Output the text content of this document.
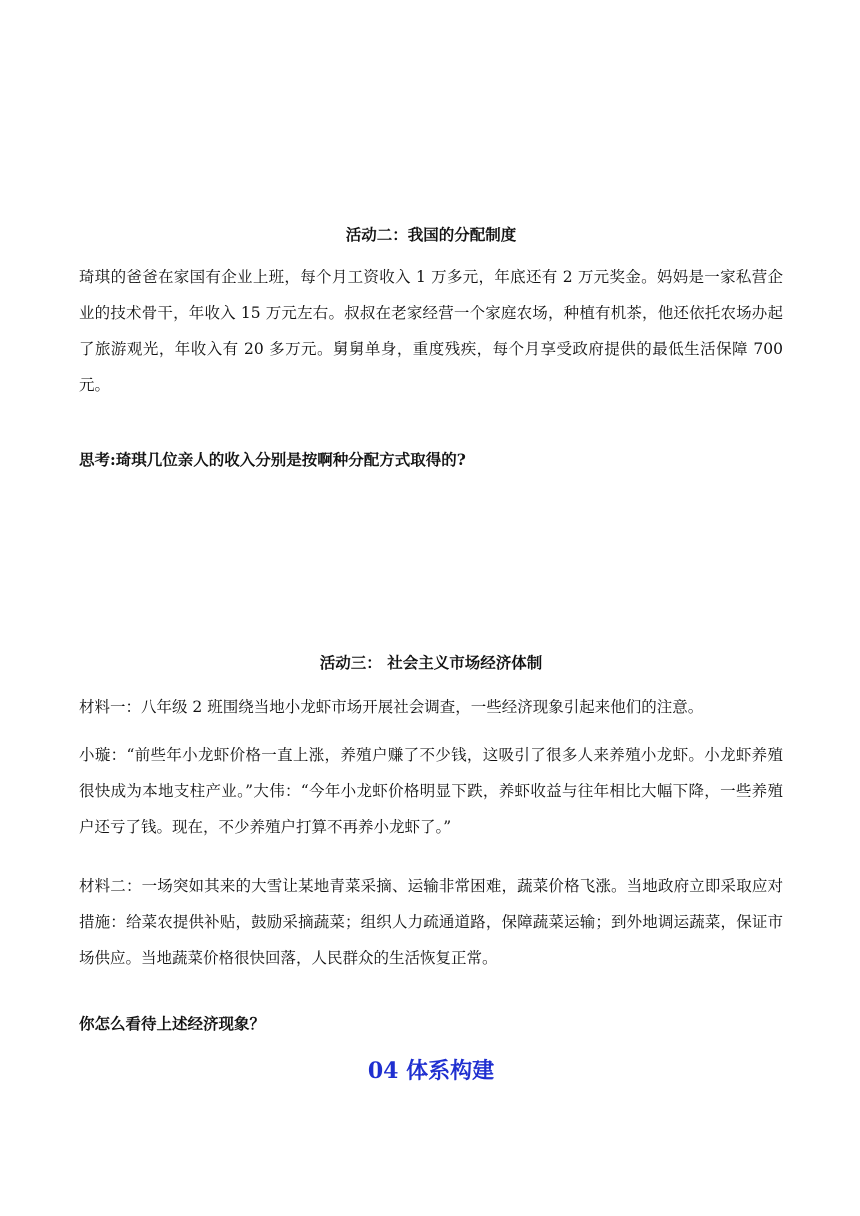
活动二：我国的分配制度
琦琪的爸爸在家国有企业上班，每个月工资收入 1 万多元，年底还有 2 万元奖金。妈妈是一家私营企业的技术骨干，年收入 15 万元左右。叔叔在老家经营一个家庭农场，种植有机茶，他还依托农场办起了旅游观光，年收入有 20 多万元。舅舅单身，重度残疾，每个月享受政府提供的最低生活保障 700 元。
思考:琦琪几位亲人的收入分别是按啊种分配方式取得的?
活动三： 社会主义市场经济体制
材料一：八年级 2 班围绕当地小龙虾市场开展社会调查，一些经济现象引起来他们的注意。
小璇：“前些年小龙虾价格一直上涨，养殖户赚了不少钱，这吸引了很多人来养殖小龙虾。小龙虾养殖很快成为本地支柱产业。”大伟：“今年小龙虾价格明显下跌，养虾收益与往年相比大幅下降，一些养殖户还亏了钱。现在，不少养殖户打算不再养小龙虾了。”
材料二：一场突如其来的大雪让某地青菜采摘、运输非常困难，蔬菜价格飞涨。当地政府立即采取应对措施：给菜农提供补贴，鼓励采摘蔬菜；组织人力疏通道路，保障蔬菜运输；到外地调运蔬菜，保证市场供应。当地蔬菜价格很快回落，人民群众的生活恢复正常。
你怎么看待上述经济现象？
04 体系构建
